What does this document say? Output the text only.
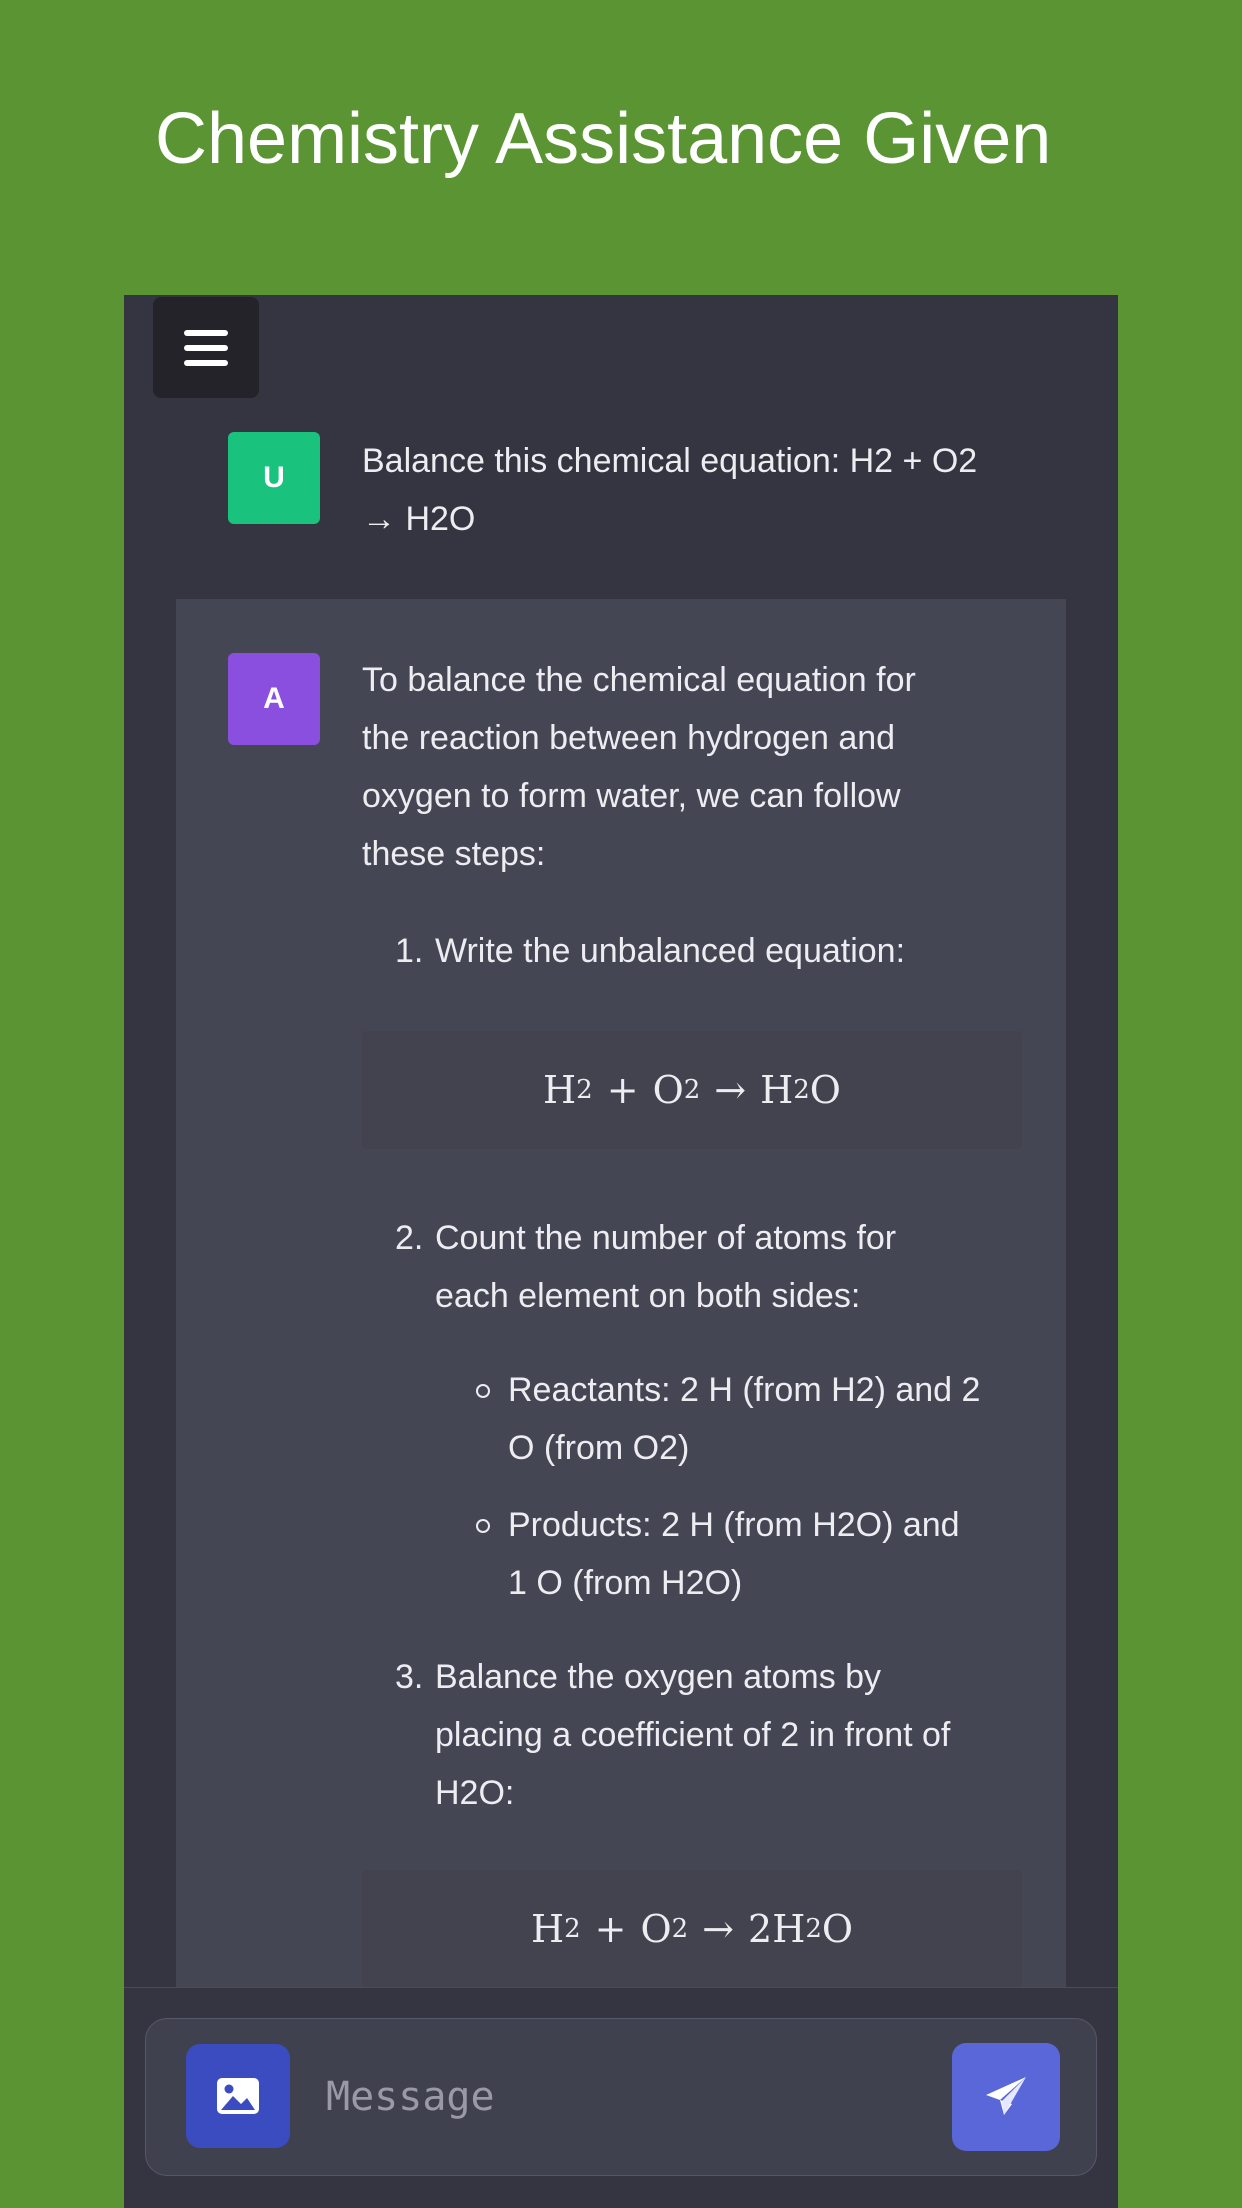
Chemistry Assistance Given
U	Balance this chemical equation: H2 + O2
→ H2O
A	To balance the chemical equation for
the reaction between hydrogen and
oxygen to form water, we can follow
these steps:
1. Write the unbalanced equation:
H 2 + O 2 → H 2 O
2. Count the number of atoms for
each element on both sides:
Reactants: 2 H (from H2) and 2
O (from O2)
Products: 2 H (from H2O) and
1 O (from H2O)
3. Balance the oxygen atoms by
placing a coefficient of 2 in front of
H2O:
H 2 + O 2 → 2 H 2 O
Message
